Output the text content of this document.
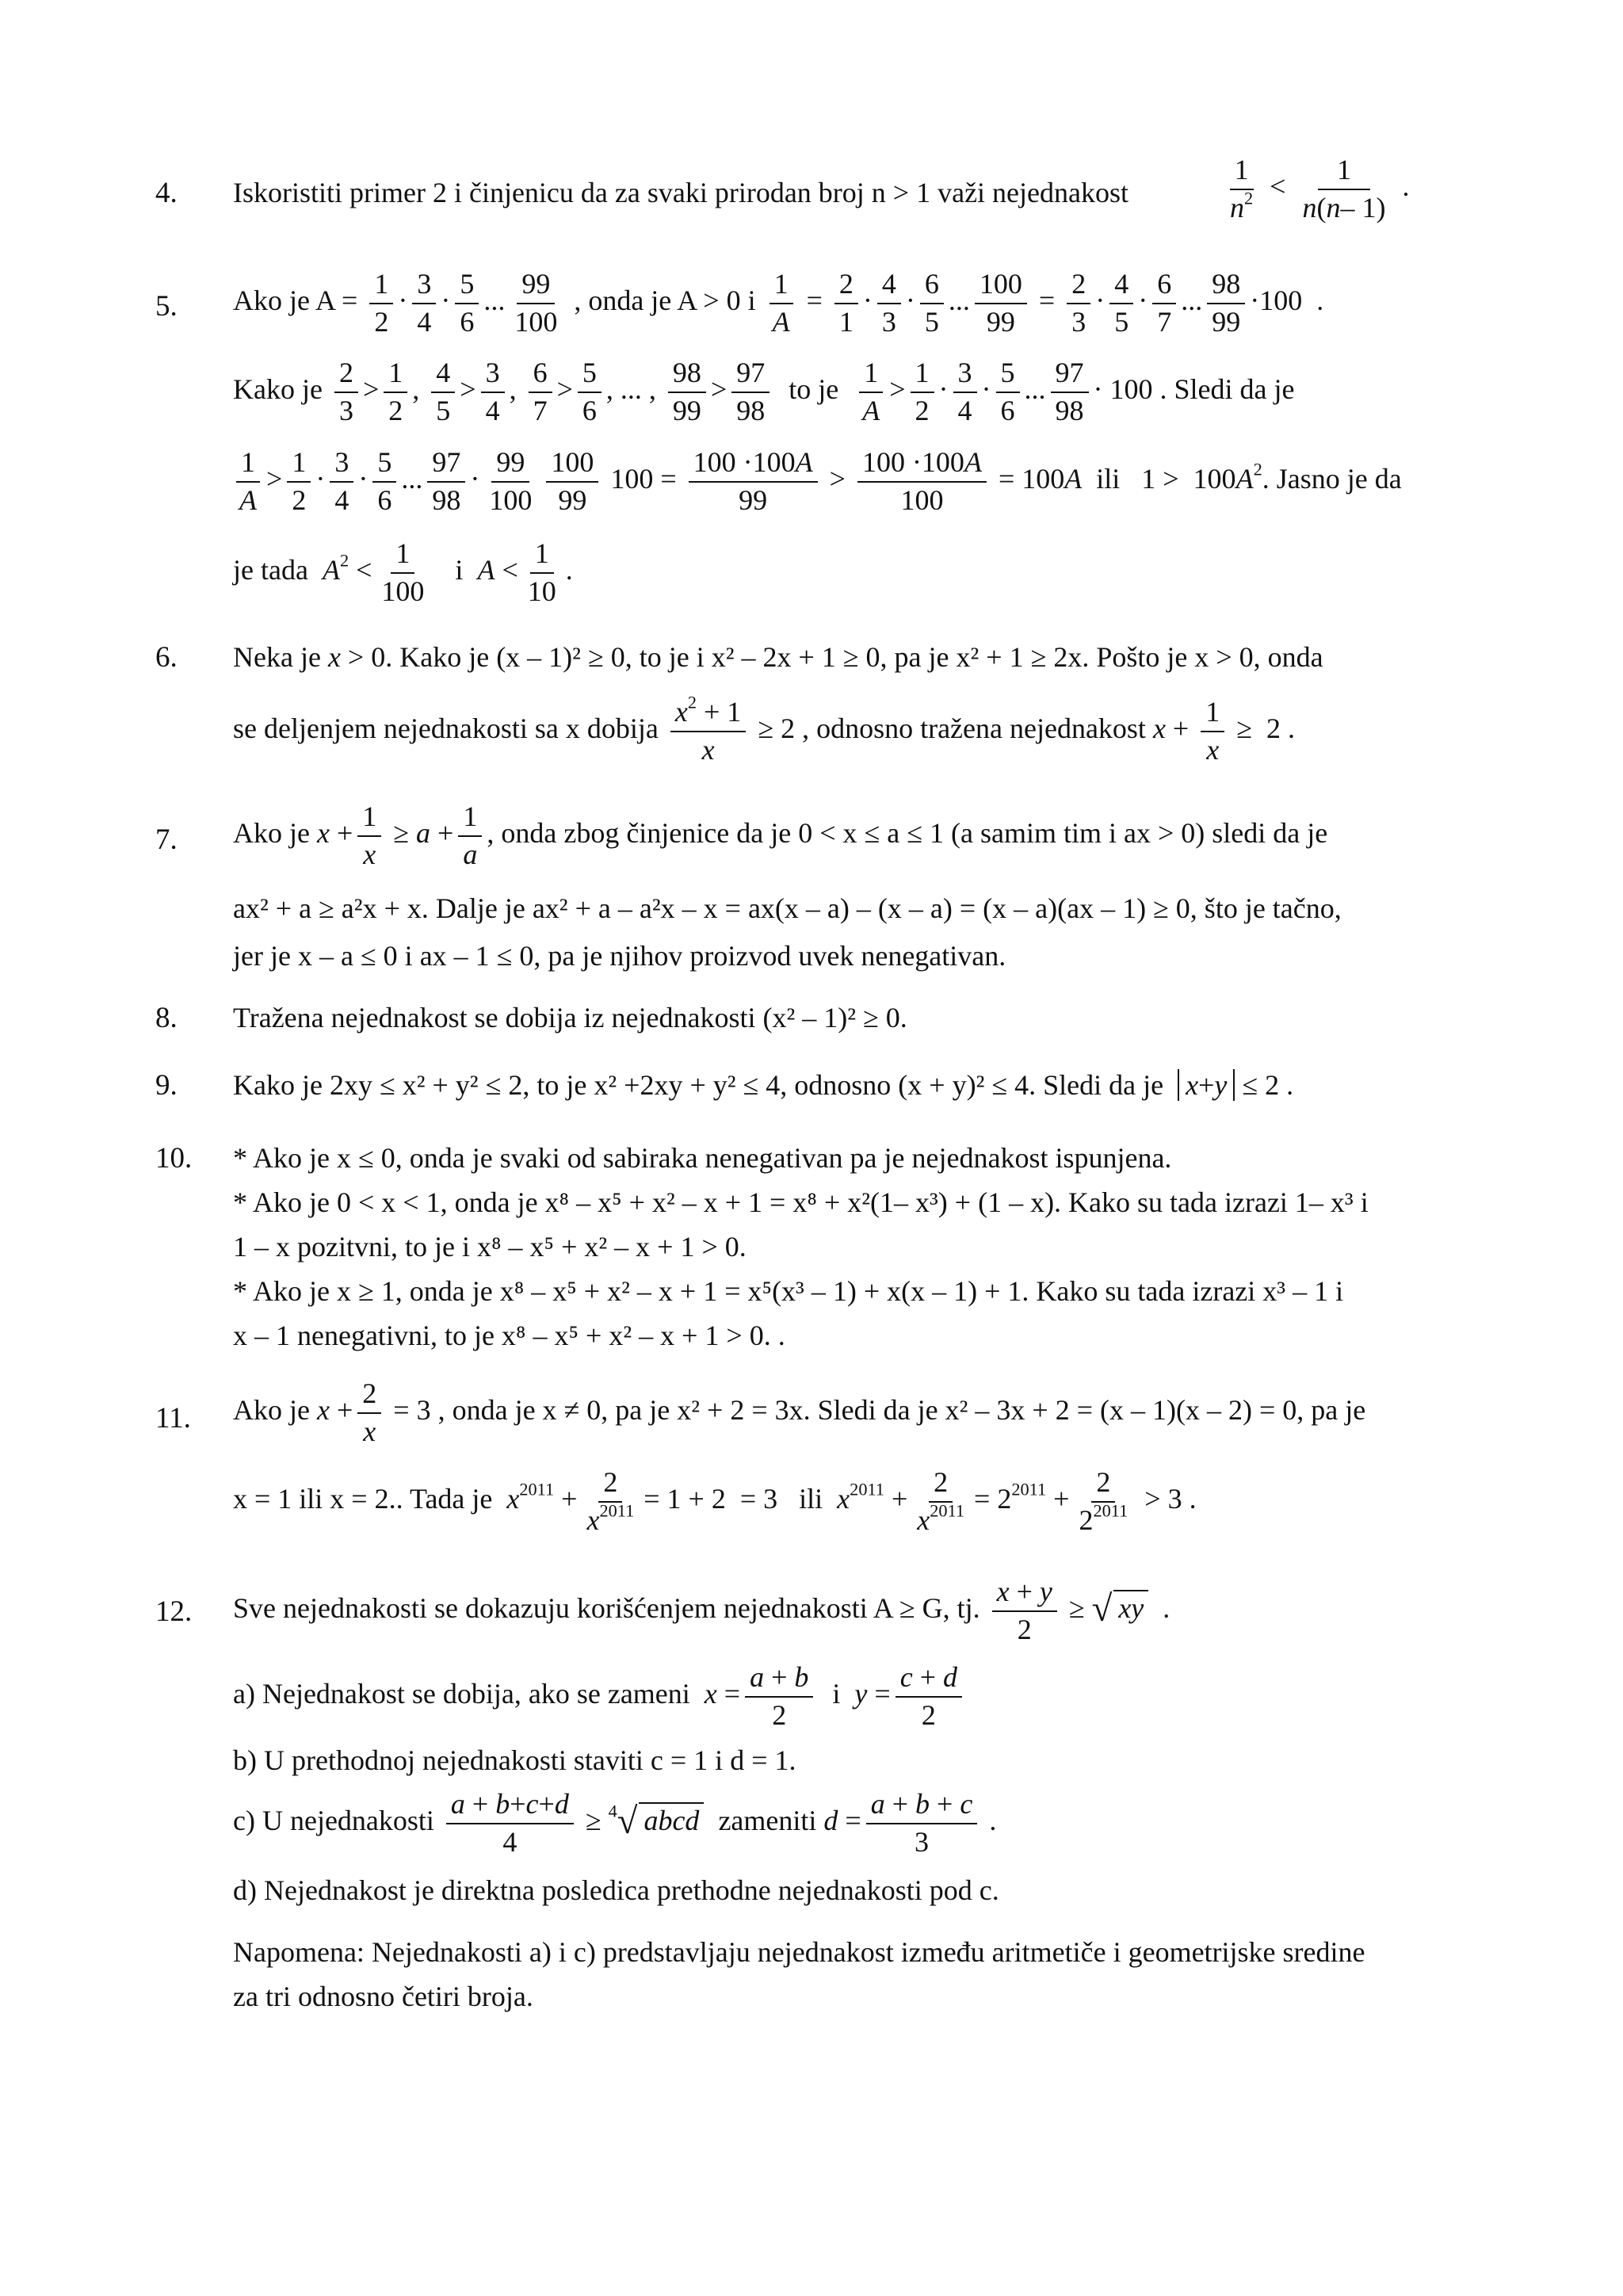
4. Iskoristiti primer 2 i činjenicu da za svaki prirodan broj n > 1 važi nejednakost	$\frac{1}{n^2} < \frac{1}{n(n- 1)}$ .
5. Ako je $A = \frac{1}{2} \cdot \frac{3}{4} \cdot \frac{5}{6}$ ... $\frac{99}{100}$ , onda je A > 0 i $\frac{1}{A} = \frac{2}{1} \cdot \frac{4}{3} \cdot \frac{6}{5}$ ... $\frac{100}{99} = \frac{2}{3} \cdot \frac{4}{5} \cdot \frac{6}{7}$ ... $\frac{98}{99} \cdot 100$  .
Kako je $\frac{2}{3} > \frac{1}{2}$ , $\frac{4}{5} > \frac{3}{4}$ , $\frac{6}{7} > \frac{5}{6}$ , ... , $\frac{98}{99} > \frac{97}{98}$ to je $\frac{1}{A} > \frac{1}{2} \cdot \frac{3}{4} \cdot \frac{5}{6}$ ... $\frac{97}{98} \cdot 100$ . Sledi da je
$\frac{1}{A} > \frac{1}{2} \cdot \frac{3}{4} \cdot \frac{5}{6}$ ... $\frac{97}{98} \cdot \frac{99}{100} \frac{100}{99} 100 = \frac{100 \cdot 100A}{99} > \frac{100 \cdot 100A}{100} = 100A$  ili   $1 > 100A^2$. Jasno je da
je tada $A^2 < \frac{1}{100}$ i  $A < \frac{1}{10}$ .
6. Neka je x > 0. Kako je (x – 1)² ≥ 0, to je i x² – 2x + 1 ≥ 0, pa je x² + 1 ≥ 2x. Pošto je x > 0, onda
se deljenjem nejednakosti sa x dobija $\frac{x^2 + 1}{x} \ge 2$ , odnosno tražena nejednakost $x + \frac{1}{x} \ge 2$ .
7. Ako je $x + \frac{1}{x} \ge a + \frac{1}{a}$ , onda zbog činjenice da je 0 < x ≤ a ≤ 1 (a samim tim i ax > 0) sledi da je
ax² + a ≥ a²x + x. Dalje je ax² + a – a²x – x = ax(x – a) – (x – a) = (x – a)(ax – 1) ≥ 0, što je tačno,
jer je x – a ≤ 0 i ax – 1 ≤ 0, pa je njihov proizvod uvek nenegativan.
8. Tražena nejednakost se dobija iz nejednakosti (x² – 1)² ≥ 0.
9. Kako je 2xy ≤ x² + y² ≤ 2, to je x² +2xy + y² ≤ 4, odnosno (x + y)² ≤ 4. Sledi da je x+y ≤ 2 .
10. * Ako je x ≤ 0, onda je svaki od sabiraka nenegativan pa je nejednakost ispunjena.
* Ako je 0 < x < 1, onda je x⁸ – x⁵ + x² – x + 1 = x⁸ + x²(1– x³) + (1 – x). Kako su tada izrazi 1– x³ i
1 – x pozitvni, to je i x⁸ – x⁵ + x² – x + 1 > 0.
* Ako je x ≥ 1, onda je x⁸ – x⁵ + x² – x + 1 = x⁵(x³ – 1) + x(x – 1) + 1. Kako su tada izrazi x³ – 1 i
x – 1 nenegativni, to je x⁸ – x⁵ + x² – x + 1 > 0. .
11. Ako je $x + \frac{2}{x} = 3$ , onda je x ≠ 0, pa je x² + 2 = 3x. Sledi da je x² – 3x + 2 = (x – 1)(x – 2) = 0, pa je
x = 1 ili x = 2.. Tada je $x^{2011} + \frac{2}{x^{2011}} = 1 + 2 = 3$   ili  $x^{2011} + \frac{2}{x^{2011}} = 2^{2011} + \frac{2}{2^{2011}} > 3$ .
12. Sve nejednakosti se dokazuju korišćenjem nejednakosti A ≥ G, tj. $\frac{x + y}{2}$ ≥ √ xy  .
a) Nejednakost se dobija, ako se zameni $x = \frac{a + b}{2}$ i  $y = \frac{c + d}{2}$
b) U prethodnoj nejednakosti staviti c = 1 i d = 1.
c) U nejednakosti $\frac{a + b+c+d}{4} \ge ^4√$ abcd zameniti $d = \frac{a + b + c}{3}$ .
d) Nejednakost je direktna posledica prethodne nejednakosti pod c.
Napomena: Nejednakosti a) i c) predstavljaju nejednakost između aritmetiče i geometrijske sredine
za tri odnosno četiri broja.
